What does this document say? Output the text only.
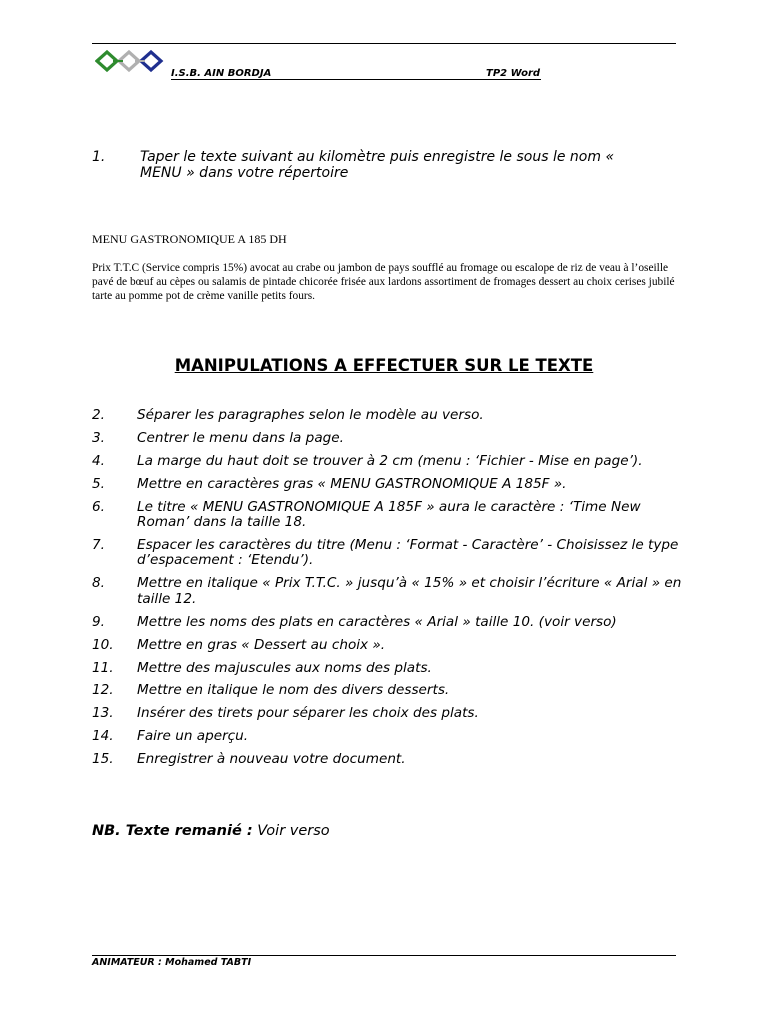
I.S.B. AIN BORDJA	TP2 Word
1. Taper le texte suivant au kilomètre puis enregistre le sous le nom « MENU » dans votre répertoire
MENU GASTRONOMIQUE A 185 DH
Prix T.T.C (Service compris 15%) avocat au crabe ou jambon de pays soufflé au fromage ou escalope de riz de veau à l’oseille pavé de bœuf au cèpes ou salamis de pintade chicorée frisée aux lardons assortiment de fromages dessert au choix cerises jubilé tarte au pomme pot de crème vanille petits fours.
MANIPULATIONS A EFFECTUER SUR LE TEXTE
2. Séparer les paragraphes selon le modèle au verso.
3. Centrer le menu dans la page.
4. La marge du haut doit se trouver à 2 cm (menu : ‘Fichier - Mise en page’).
5. Mettre en caractères gras « MENU GASTRONOMIQUE A 185F ».
6. Le titre « MENU GASTRONOMIQUE A 185F » aura le caractère : ‘Time New Roman’ dans la taille 18.
7. Espacer les caractères du titre (Menu : ‘Format - Caractère’ - Choisissez le type d’espacement : ‘Etendu’).
8. Mettre en italique « Prix T.T.C. » jusqu’à « 15% » et choisir l’écriture « Arial » en taille 12.
9. Mettre les noms des plats en caractères « Arial » taille 10. (voir verso)
10. Mettre en gras « Dessert au choix ».
11. Mettre des majuscules aux noms des plats.
12. Mettre en italique le nom des divers desserts.
13. Insérer des tirets pour séparer les choix des plats.
14. Faire un aperçu.
15. Enregistrer à nouveau votre document.
NB. Texte remanié : Voir verso
ANIMATEUR : Mohamed TABTI
